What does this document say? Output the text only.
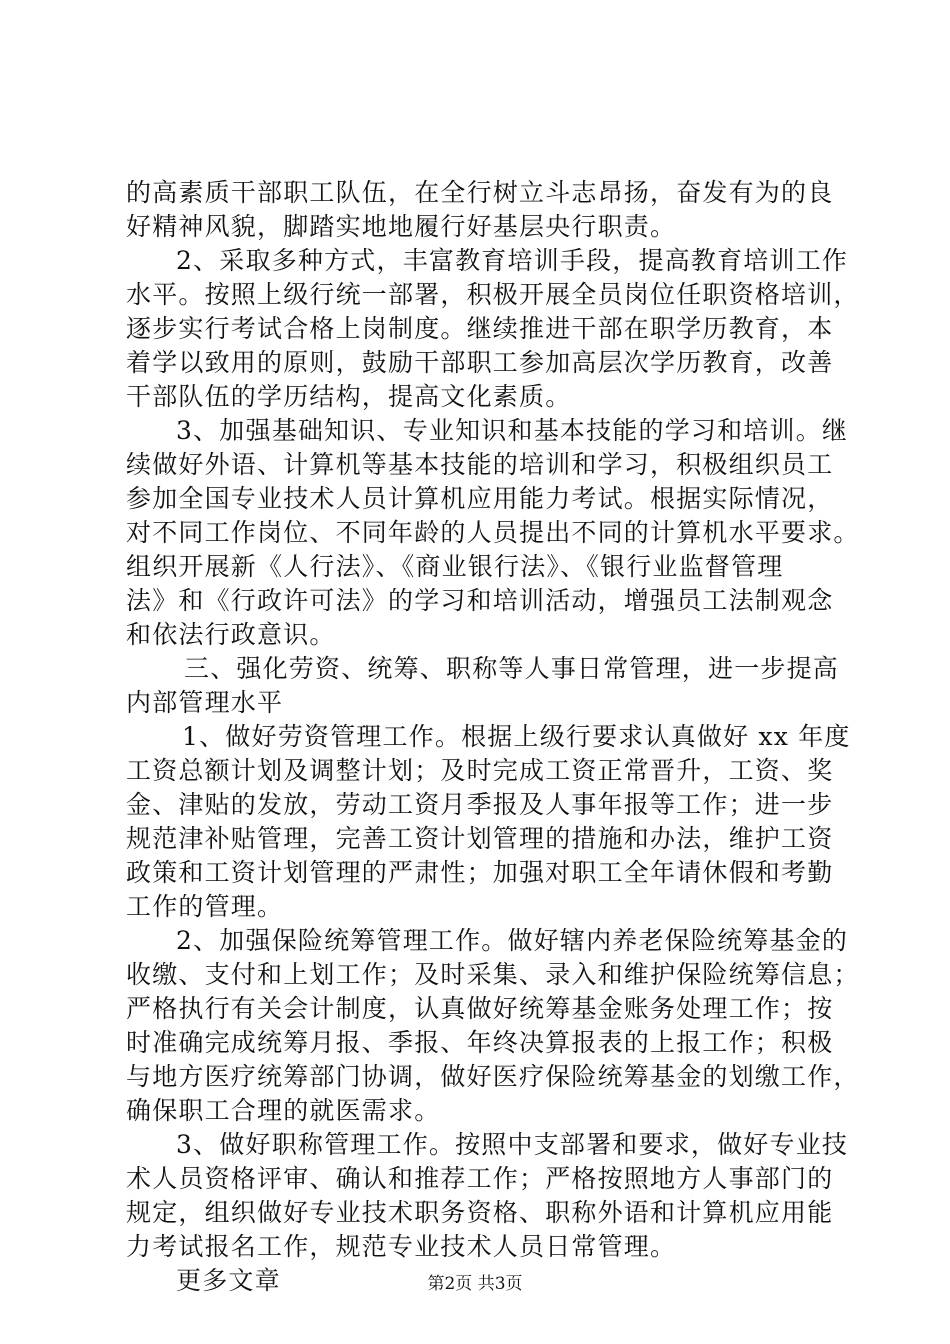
的高素质干部职工队伍，在全行树立斗志昂扬，奋发有为的良
好精神风貌，脚踏实地地履行好基层央行职责。
2、采取多种方式，丰富教育培训手段，提高教育培训工作
水平。按照上级行统一部署，积极开展全员岗位任职资格培训，
逐步实行考试合格上岗制度。继续推进干部在职学历教育，本
着学以致用的原则，鼓励干部职工参加高层次学历教育，改善
干部队伍的学历结构，提高文化素质。
3、加强基础知识、专业知识和基本技能的学习和培训。继
续做好外语、计算机等基本技能的培训和学习，积极组织员工
参加全国专业技术人员计算机应用能力考试。根据实际情况，
对不同工作岗位、不同年龄的人员提出不同的计算机水平要求。
组织开展新《人行法》、《商业银行法》、《银行业监督管理
法》和《行政许可法》的学习和培训活动，增强员工法制观念
和依法行政意识。
三、强化劳资、统筹、职称等人事日常管理，进一步提高
内部管理水平
1、做好劳资管理工作。根据上级行要求认真做好 xx 年度
工资总额计划及调整计划；及时完成工资正常晋升，工资、奖
金、津贴的发放，劳动工资月季报及人事年报等工作；进一步
规范津补贴管理，完善工资计划管理的措施和办法，维护工资
政策和工资计划管理的严肃性；加强对职工全年请休假和考勤
工作的管理。
2、加强保险统筹管理工作。做好辖内养老保险统筹基金的
收缴、支付和上划工作；及时采集、录入和维护保险统筹信息；
严格执行有关会计制度，认真做好统筹基金账务处理工作；按
时准确完成统筹月报、季报、年终决算报表的上报工作；积极
与地方医疗统筹部门协调，做好医疗保险统筹基金的划缴工作，
确保职工合理的就医需求。
3、做好职称管理工作。按照中支部署和要求，做好专业技
术人员资格评审、确认和推荐工作；严格按照地方人事部门的
规定，组织做好专业技术职务资格、职称外语和计算机应用能
力考试报名工作，规范专业技术人员日常管理。
更多文章	第2页 共3页
